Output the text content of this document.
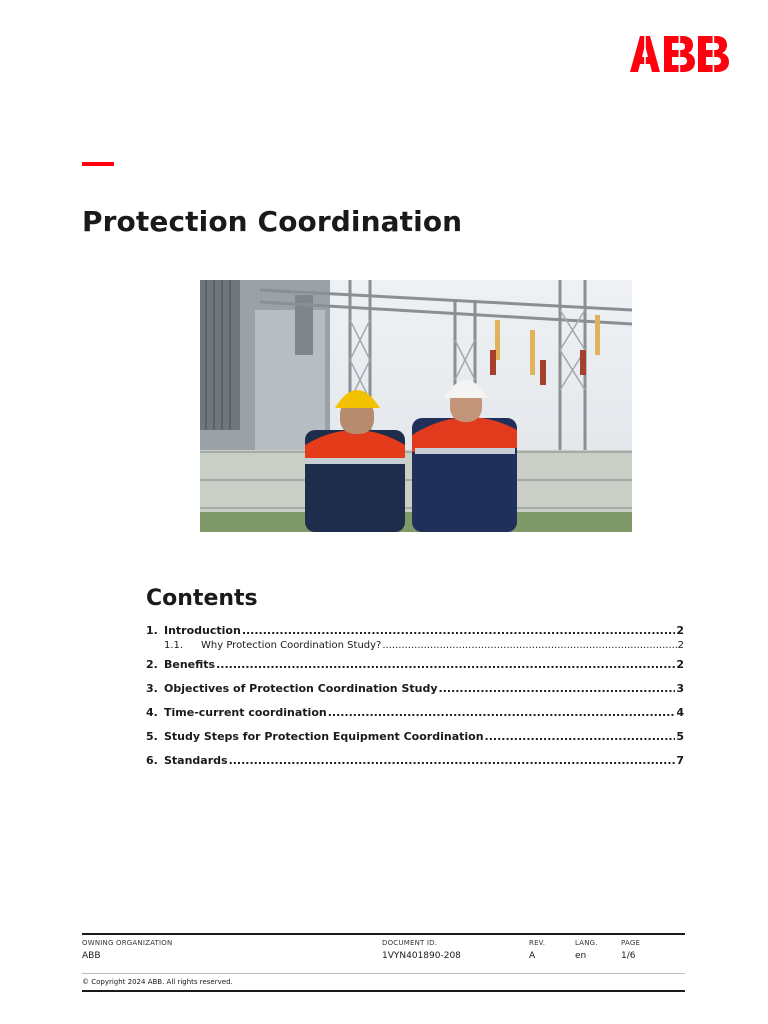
Protection Coordination
Contents
1. Introduction .....	2
1.1.	Why Protection Coordination Study? .....	2
2. Benefits .....	2
3. Objectives of Protection Coordination Study .....	3
4. Time-current coordination .....	4
5. Study Steps for Protection Equipment Coordination .....	5
6. Standards .....	7
OWNING ORGANIZATION
ABB
DOCUMENT ID.
1VYN401890-208
REV.
A
LANG.
en
PAGE
1/6
© Copyright 2024 ABB. All rights reserved.
